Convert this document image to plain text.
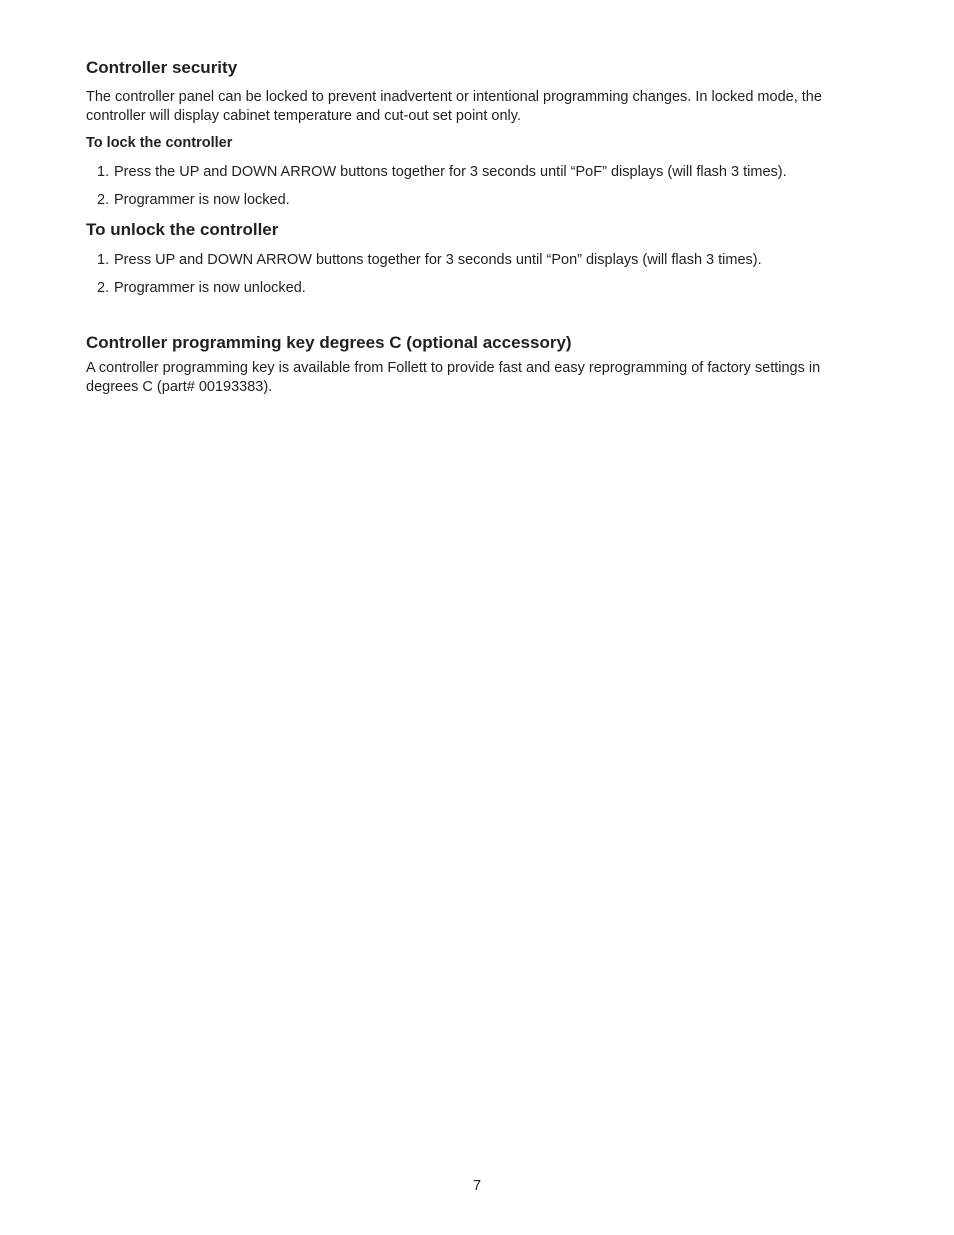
Controller security

The controller panel can be locked to prevent inadvertent or intentional programming changes. In locked mode, the controller will display cabinet temperature and cut-out set point only.

To lock the controller
1. Press the UP and DOWN ARROW buttons together for 3 seconds until “PoF” displays (will flash 3 times).
2. Programmer is now locked.
To unlock the controller
1. Press UP and DOWN ARROW buttons together for 3 seconds until “Pon” displays (will flash 3 times).
2. Programmer is now unlocked.
Controller programming key degrees C (optional accessory)

A controller programming key is available from Follett to provide fast and easy reprogramming of factory settings in degrees C (part# 00193383).

7
